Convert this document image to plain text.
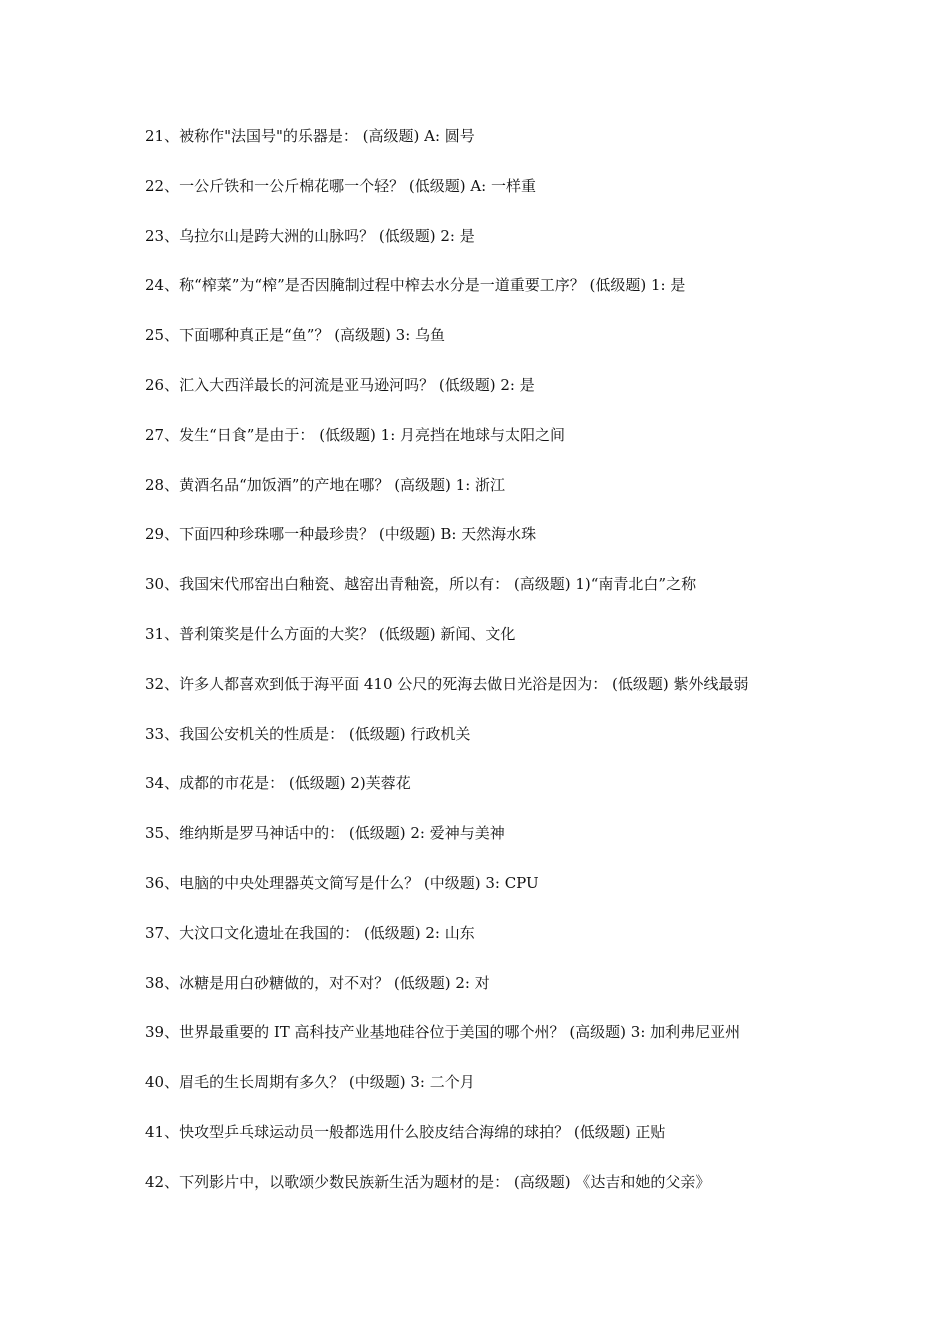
21、被称作"法国号"的乐器是： (高级题) A: 圆号
22、一公斤铁和一公斤棉花哪一个轻？ (低级题) A: 一样重
23、乌拉尔山是跨大洲的山脉吗？ (低级题) 2: 是
24、称“榨菜”为“榨”是否因腌制过程中榨去水分是一道重要工序？ (低级题) 1: 是
25、下面哪种真正是“鱼”？ (高级题) 3: 乌鱼
26、汇入大西洋最长的河流是亚马逊河吗？ (低级题) 2: 是
27、发生“日食”是由于： (低级题) 1: 月亮挡在地球与太阳之间
28、黄酒名品“加饭酒”的产地在哪？ (高级题) 1: 浙江
29、下面四种珍珠哪一种最珍贵？ (中级题) B: 天然海水珠
30、我国宋代邢窑出白釉瓷、越窑出青釉瓷，所以有： (高级题) 1)“南青北白”之称
31、普利策奖是什么方面的大奖？ (低级题) 新闻、文化
32、许多人都喜欢到低于海平面 410 公尺的死海去做日光浴是因为： (低级题) 紫外线最弱
33、我国公安机关的性质是： (低级题) 行政机关
34、成都的市花是： (低级题) 2)芙蓉花
35、维纳斯是罗马神话中的： (低级题) 2: 爱神与美神
36、电脑的中央处理器英文简写是什么？ (中级题) 3: CPU
37、大汶口文化遗址在我国的： (低级题) 2: 山东
38、冰糖是用白砂糖做的，对不对？ (低级题) 2: 对
39、世界最重要的 IT 高科技产业基地硅谷位于美国的哪个州？ (高级题) 3: 加利弗尼亚州
40、眉毛的生长周期有多久？ (中级题) 3: 二个月
41、快攻型乒乓球运动员一般都选用什么胶皮结合海绵的球拍？ (低级题) 正贴
42、下列影片中，以歌颂少数民族新生活为题材的是： (高级题) 《达吉和她的父亲》
